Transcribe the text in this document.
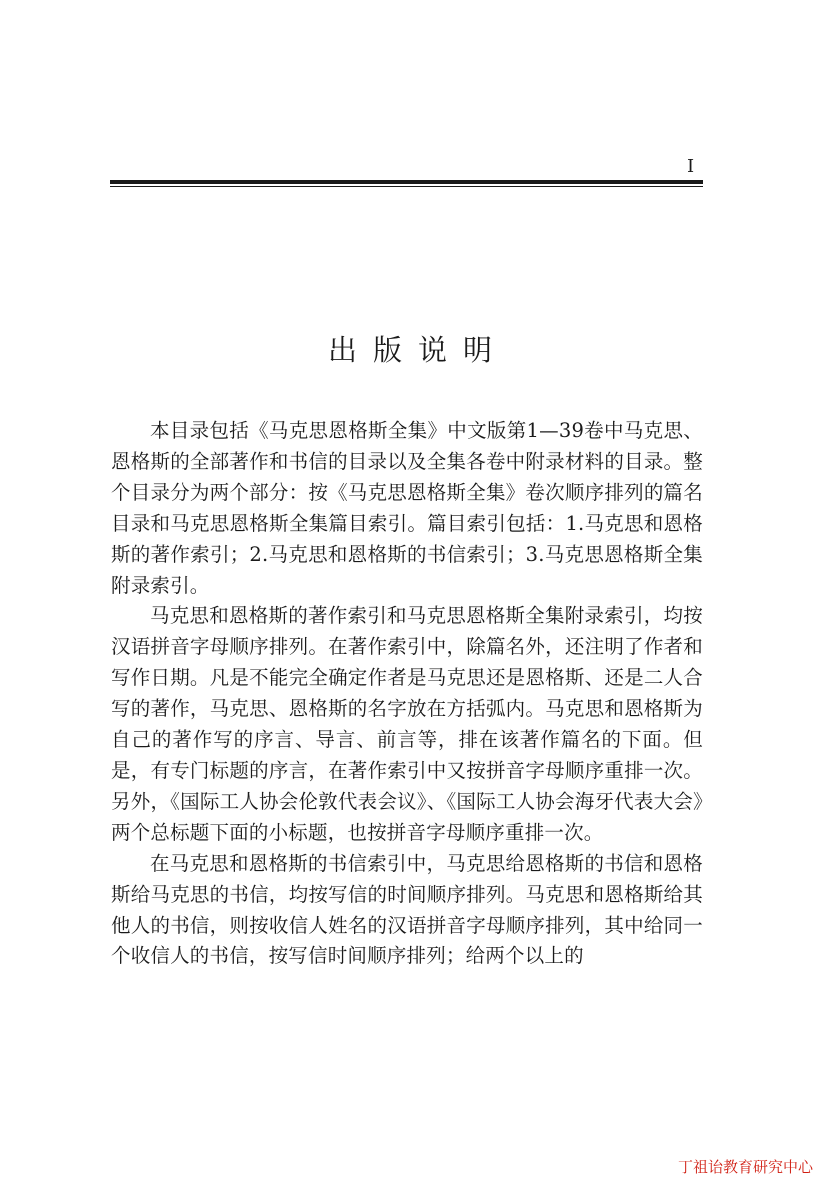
I
出版说明

本目录包括《马克思恩格斯全集》中文版第1—39卷中马克思、恩格斯的全部著作和书信的目录以及全集各卷中附录材料的目录。整个目录分为两个部分：按《马克思恩格斯全集》卷次顺序排列的篇名目录和马克思恩格斯全集篇目索引。篇目索引包括：1.马克思和恩格斯的著作索引；2.马克思和恩格斯的书信索引；3.马克思恩格斯全集附录索引。

马克思和恩格斯的著作索引和马克思恩格斯全集附录索引，均按汉语拼音字母顺序排列。在著作索引中，除篇名外，还注明了作者和写作日期。凡是不能完全确定作者是马克思还是恩格斯、还是二人合写的著作，马克思、恩格斯的名字放在方括弧内。马克思和恩格斯为自己的著作写的序言、导言、前言等，排在该著作篇名的下面。但是，有专门标题的序言，在著作索引中又按拼音字母顺序重排一次。另外，《国际工人协会伦敦代表会议》、《国际工人协会海牙代表大会》两个总标题下面的小标题，也按拼音字母顺序重排一次。

在马克思和恩格斯的书信索引中，马克思给恩格斯的书信和恩格斯给马克思的书信，均按写信的时间顺序排列。马克思和恩格斯给其他人的书信，则按收信人姓名的汉语拼音字母顺序排列，其中给同一个收信人的书信，按写信时间顺序排列；给两个以上的

丁祖诒教育研究中心
